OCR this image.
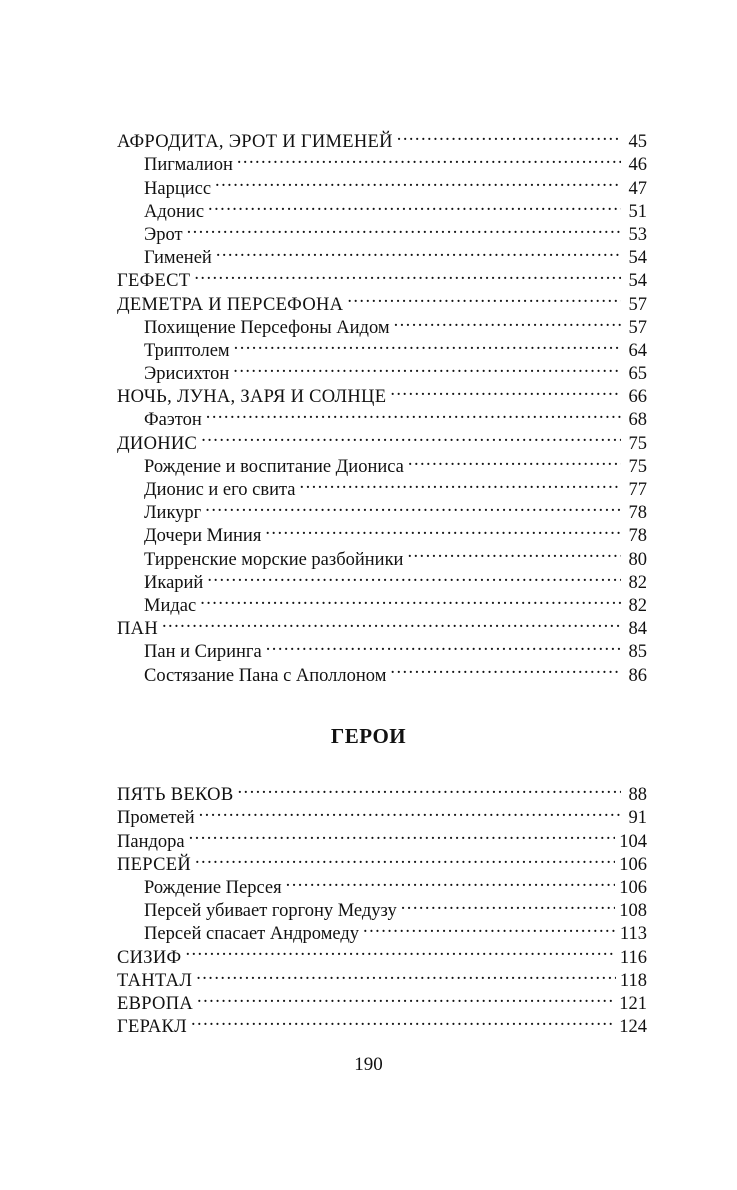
АФРОДИТА, ЭРОТ И ГИМЕНЕЙ . . .	45
Пигмалион . . .	46
Нарцисс . . .	47
Адонис . . .	51
Эрот . . .	53
Гименей . . .	54
ГЕФЕСТ . . .	54
ДЕМЕТРА И ПЕРСЕФОНА . . .	57
Похищение Персефоны Аидом . . .	57
Триптолем . . .	64
Эрисихтон . . .	65
НОЧЬ, ЛУНА, ЗАРЯ И СОЛНЦЕ . . .	66
Фаэтон . . .	68
ДИОНИС . . .	75
Рождение и воспитание Диониса . . .	75
Дионис и его свита . . .	77
Ликург . . .	78
Дочери Миния . . .	78
Тирренские морские разбойники . . .	80
Икарий . . .	82
Мидас . . .	82
ПАН . . .	84
Пан и Сиринга . . .	85
Состязание Пана с Аполлоном . . .	86
ГЕРОИ
ПЯТЬ ВЕКОВ . . .	88
Прометей . . .	91
Пандора . . .	104
ПЕРСЕЙ . . .	106
Рождение Персея . . .	106
Персей убивает горгону Медузу . . .	108
Персей спасает Андромеду . . .	113
СИЗИФ . . .	116
ТАНТАЛ . . .	118
ЕВРОПА . . .	121
ГЕРАКЛ . . .	124
190
